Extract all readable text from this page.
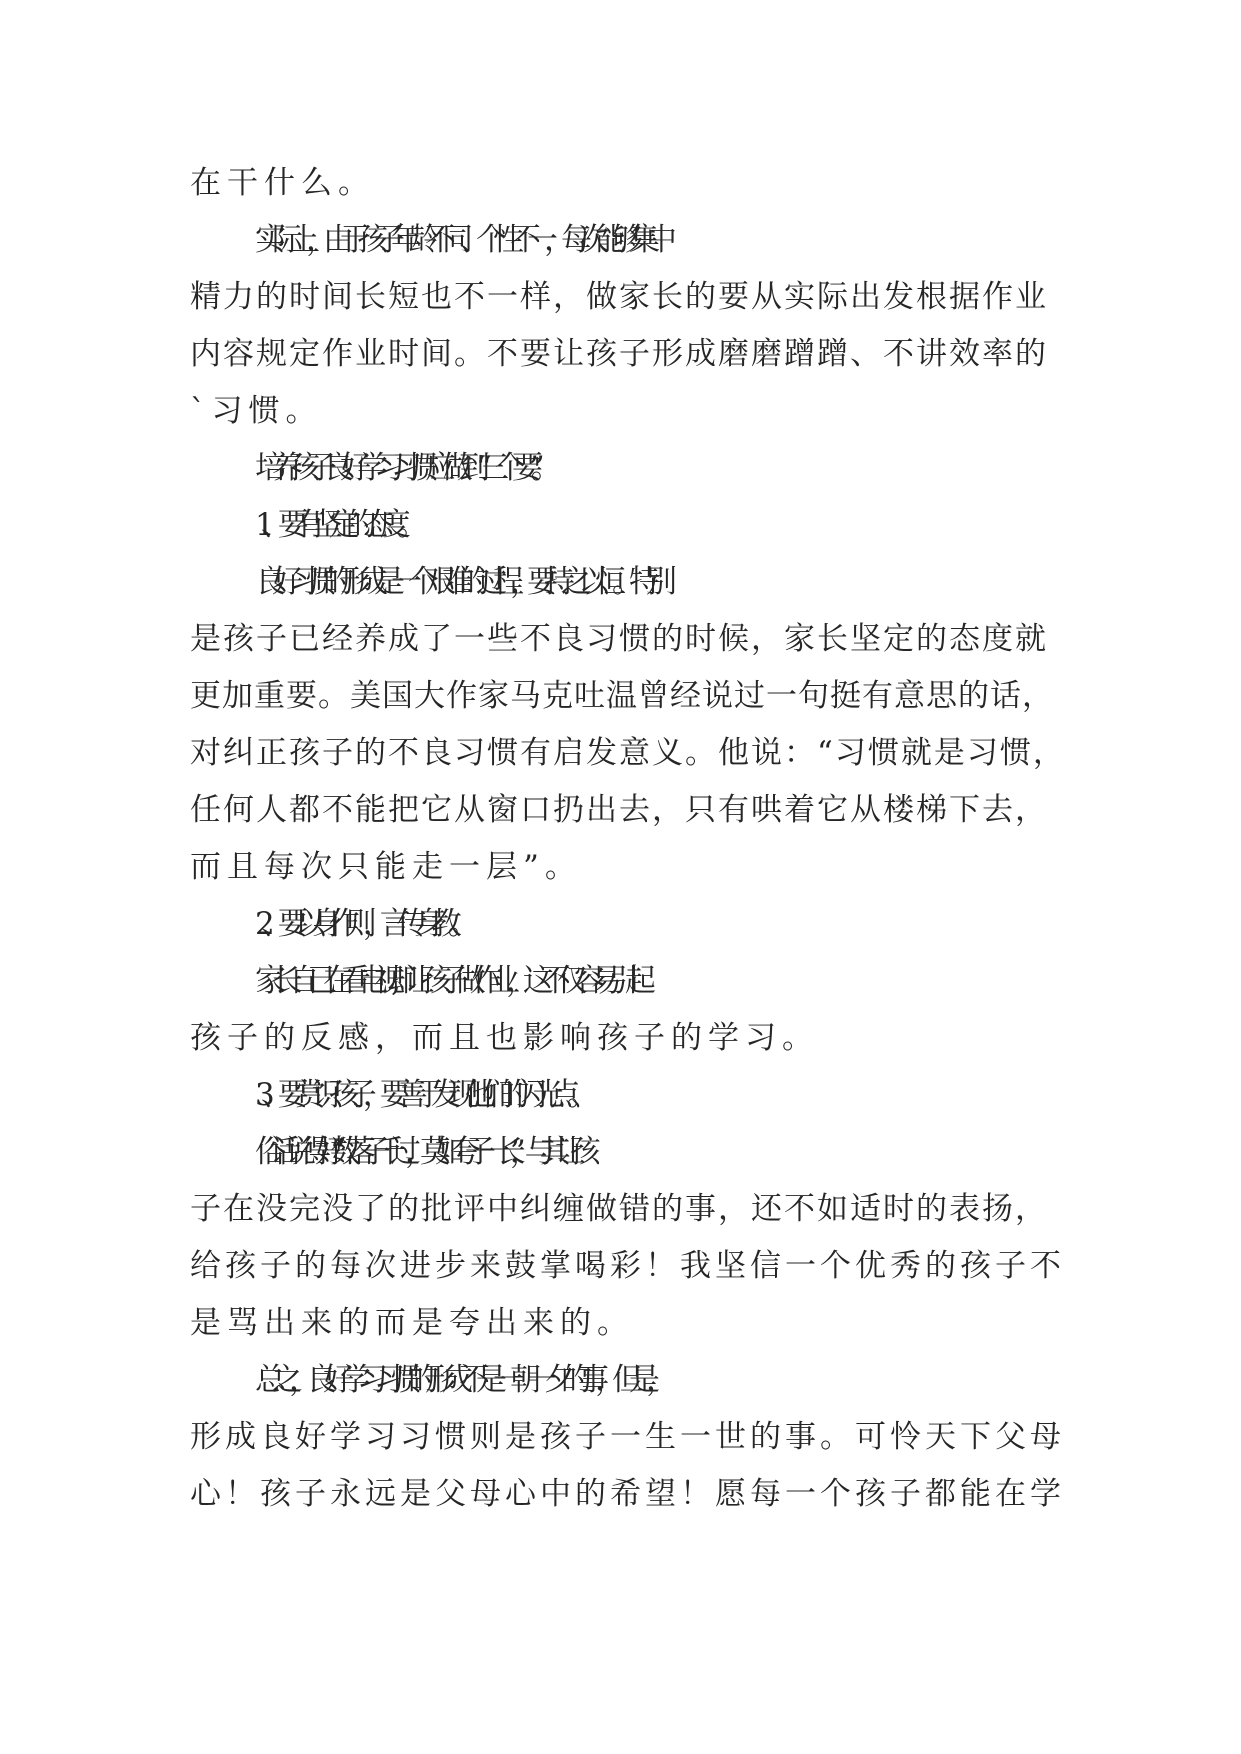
在干什么。
实际上，由于孩子年龄不同、个性不一，每次能够集中
精力的时间长短也不一样，做家长的要从实际出发根据作业
内容规定作业时间。不要让孩子形成磨磨蹭蹭、不讲效率的
`习惯。
培养孩子良好学习习惯应做到“三个要”。
1、要有坚定的态度。
良好习惯的形成是一个艰难的过程，要持之以恒。特别
是孩子已经养成了一些不良习惯的时候，家长坚定的态度就
更加重要。美国大作家马克吐温曾经说过一句挺有意思的话，
对纠正孩子的不良习惯有启发意义。他说：“习惯就是习惯，
任何人都不能把它从窗口扔出去，只有哄着它从楼梯下去，
而且每次只能走一层”。
2、要以身作则，言传身教。
家长自己在看电视,却让孩子做作业，这不仅容易引起
孩子的反感，而且也影响孩子的学习。
3、要赏识孩子，要善于发现他们的闪光点。
俗话说得好“数落子千过，莫如夸子一长”，与其让孩
子在没完没了的批评中纠缠做错的事，还不如适时的表扬，
给孩子的每次进步来鼓掌喝彩！我坚信一个优秀的孩子不
是骂出来的而是夸出来的。
总之，良好学习习惯的形成不是一朝一夕的事，但是，
形成良好学习习惯则是孩子一生一世的事。可怜天下父母
心！孩子永远是父母心中的希望！愿每一个孩子都能在学
